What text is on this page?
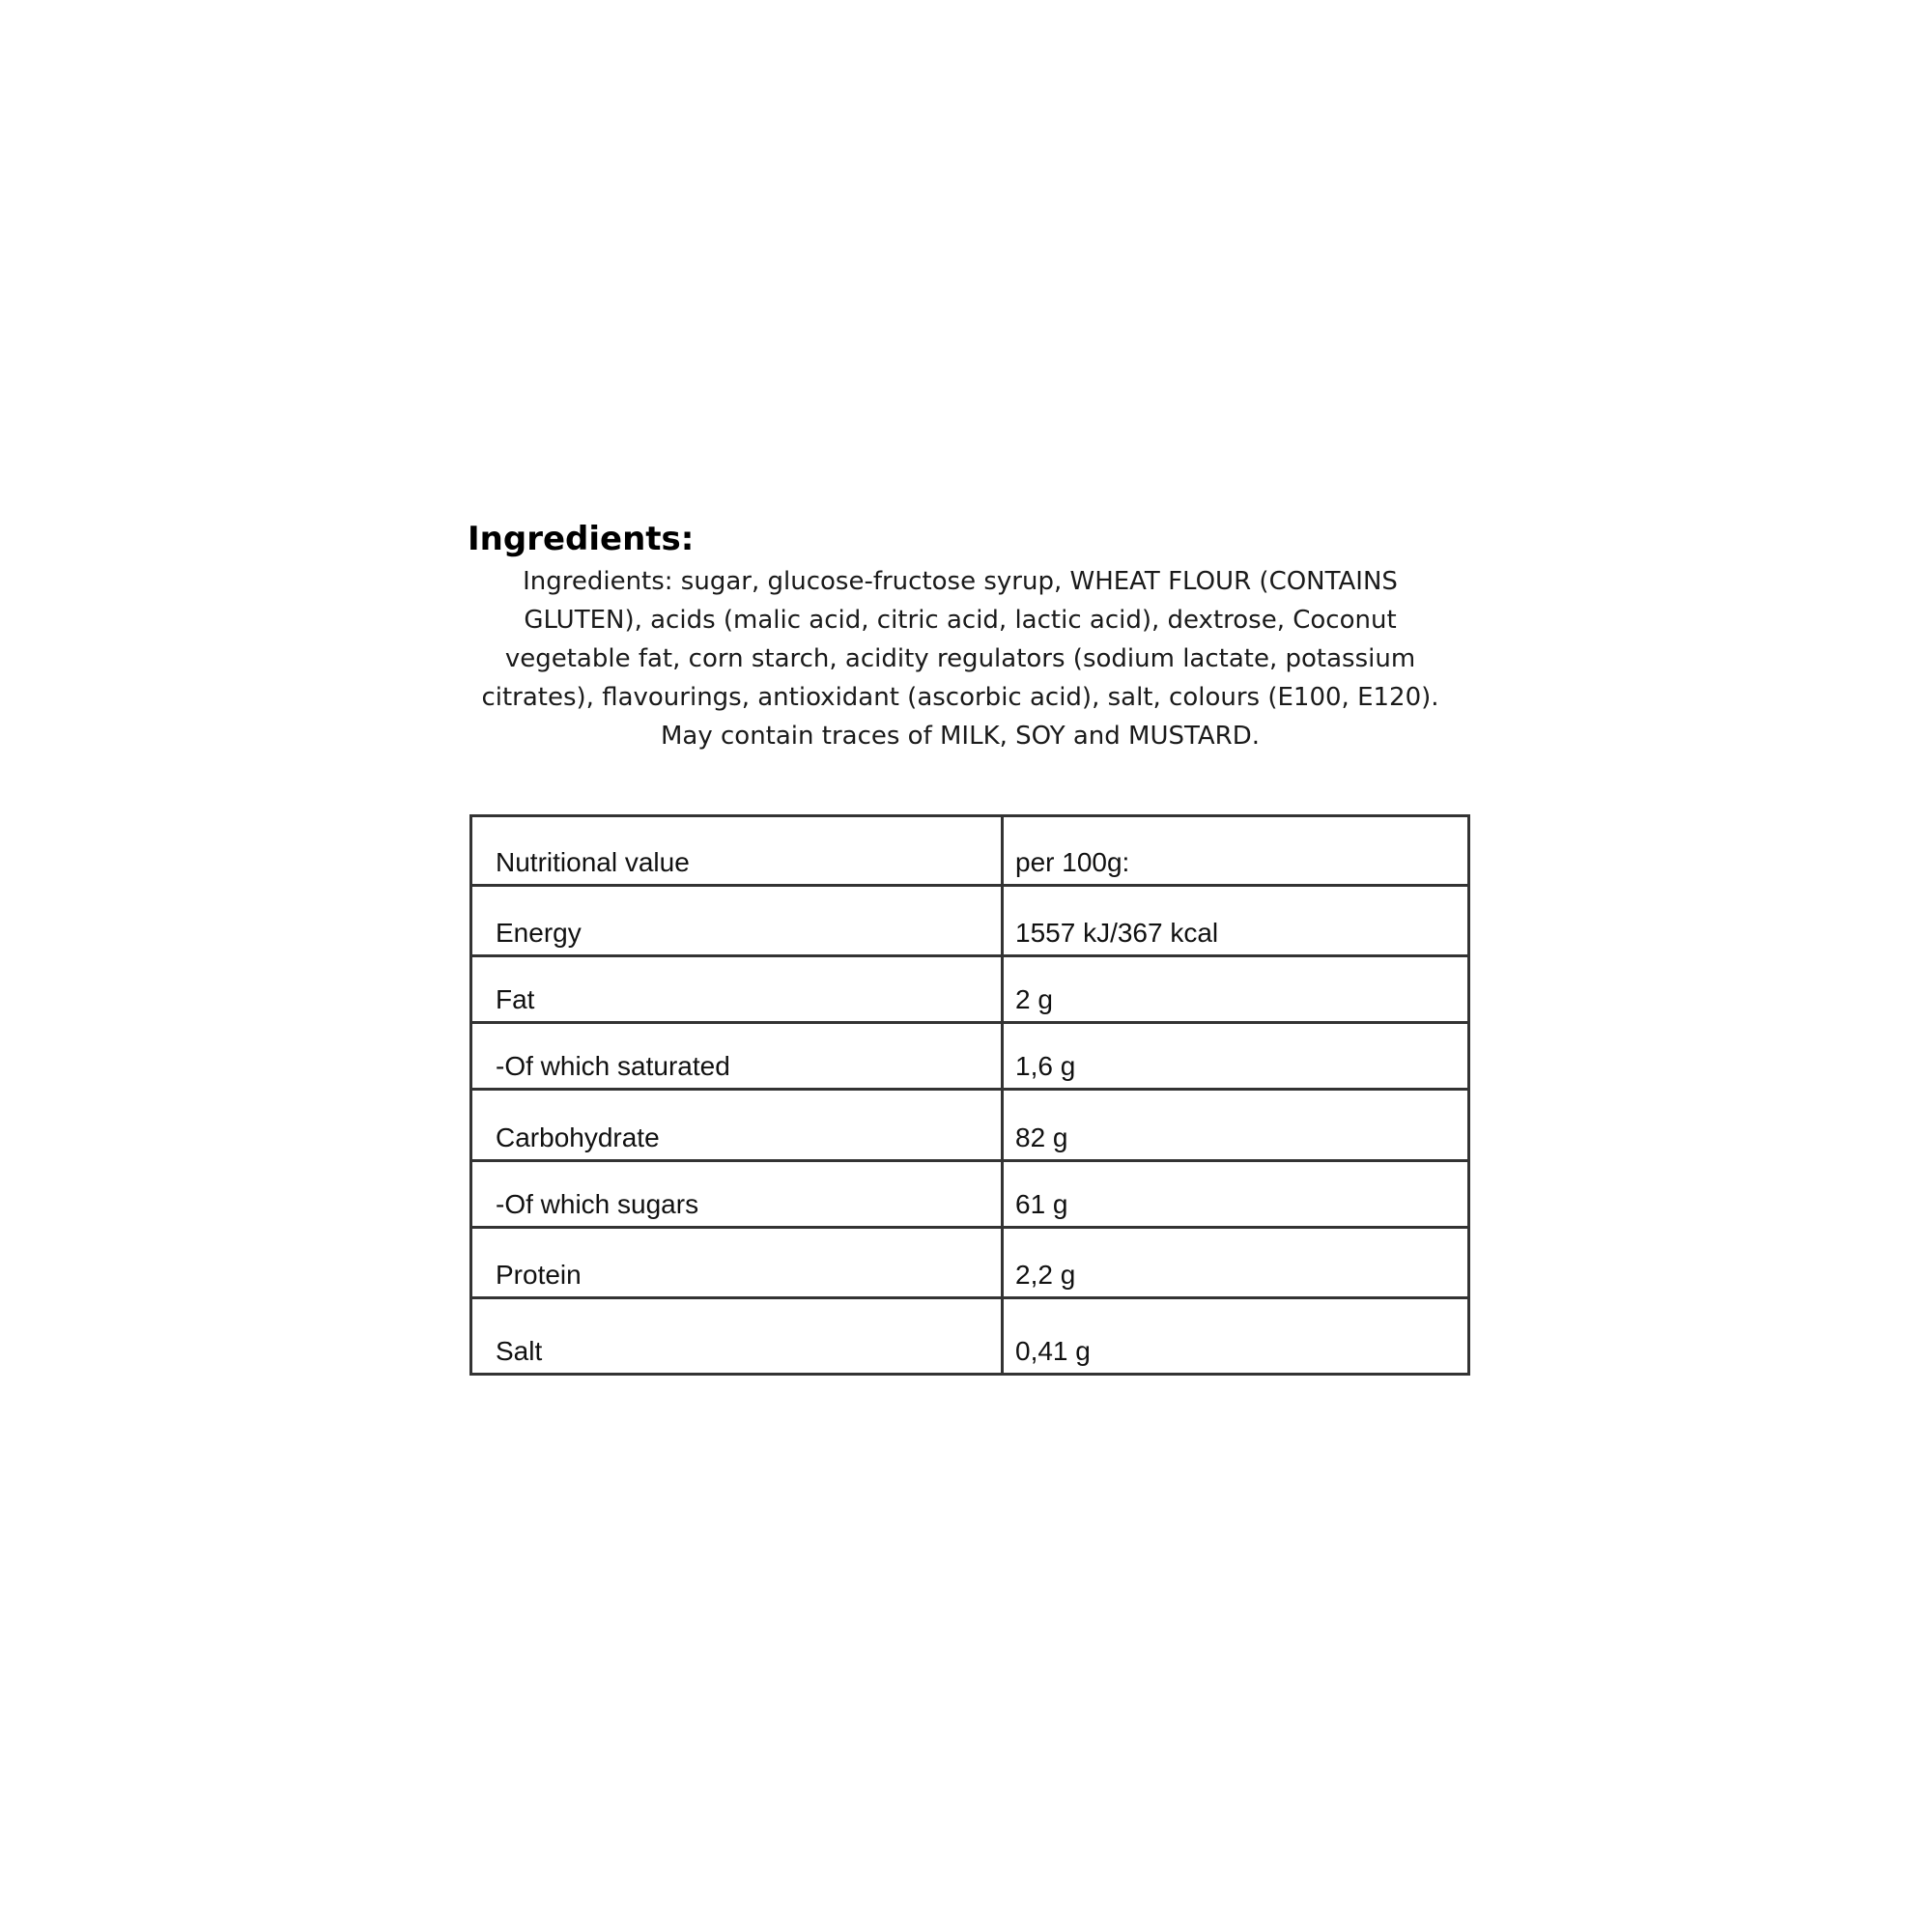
Ingredients:

Ingredients: sugar, glucose-fructose syrup, WHEAT FLOUR (CONTAINS
GLUTEN), acids (malic acid, citric acid, lactic acid), dextrose, Coconut
vegetable fat, corn starch, acidity regulators (sodium lactate, potassium
citrates), flavourings, antioxidant (ascorbic acid), salt, colours (E100, E120).
May contain traces of MILK, SOY and MUSTARD.

Nutritional value	per 100g:
Energy	1557 kJ/367 kcal
Fat	2 g
-Of which saturated	1,6 g
Carbohydrate	82 g
-Of which sugars	61 g
Protein	2,2 g
Salt	0,41 g
